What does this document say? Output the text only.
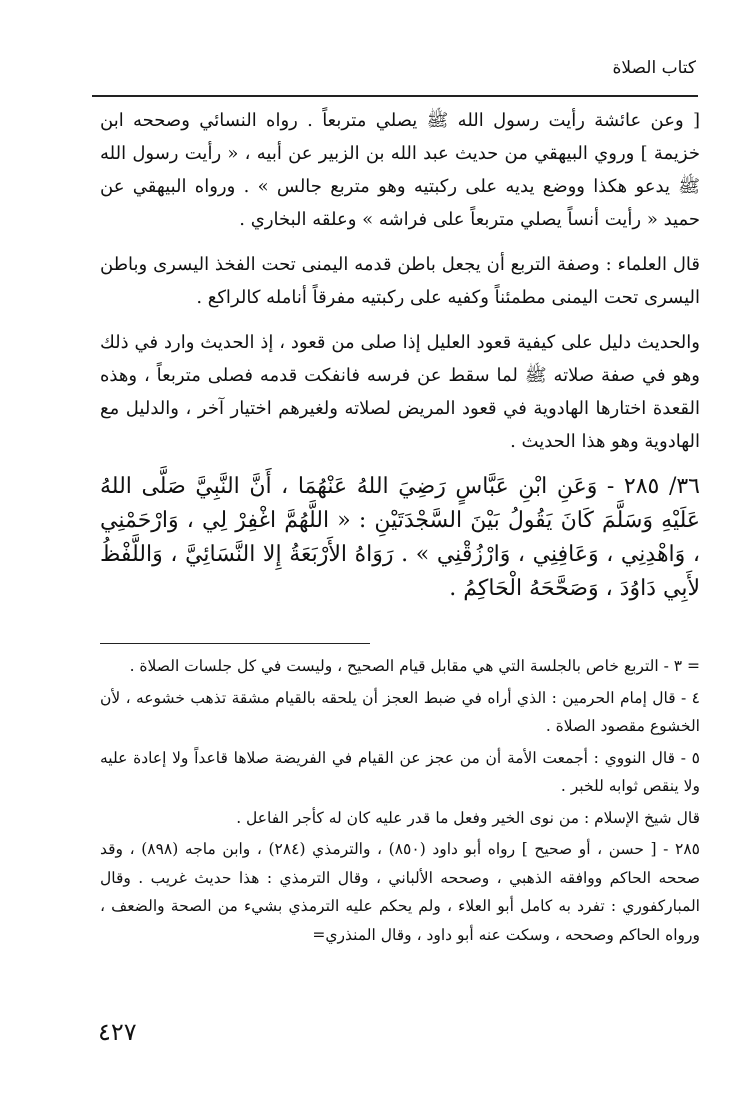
كتاب الصلاة

[ وعن عائشة رأيت رسول الله ﷺ يصلي متربعاً . رواه النسائي وصححه ابن خزيمة ] وروي البيهقي من حديث عبد الله بن الزبير عن أبيه ، « رأيت رسول الله ﷺ يدعو هكذا ووضع يديه على ركبتيه وهو متربع جالس » . ورواه البيهقي عن حميد « رأيت أنساً يصلي متربعاً على فراشه » وعلقه البخاري .

قال العلماء : وصفة التربع أن يجعل باطن قدمه اليمنى تحت الفخذ اليسرى وباطن اليسرى تحت اليمنى مطمئناً وكفيه على ركبتيه مفرقاً أنامله كالراكع .

والحديث دليل على كيفية قعود العليل إذا صلى من قعود ، إذ الحديث وارد في ذلك وهو في صفة صلاته ﷺ لما سقط عن فرسه فانفكت قدمه فصلى متربعاً ، وهذه القعدة اختارها الهادوية في قعود المريض لصلاته ولغيرهم اختيار آخر ، والدليل مع الهادوية وهو هذا الحديث .

٣٦/ ٢٨٥ - وَعَنِ ابْنِ عَبَّاسٍ رَضِيَ اللهُ عَنْهُمَا ، أَنَّ النَّبِيَّ صَلَّى اللهُ عَلَيْهِ وَسَلَّمَ كَانَ يَقُولُ بَيْنَ السَّجْدَتَيْنِ : « اللَّهُمَّ اغْفِرْ لِي ، وَارْحَمْنِي ، وَاهْدِنِي ، وَعَافِنِي ، وَارْزُقْنِي » . رَوَاهُ الأَرْبَعَةُ إِلا النَّسَائِيَّ ، وَاللَّفْظُ لأَبِي دَاوُدَ ، وَصَحَّحَهُ الْحَاكِمُ .

= ٣ - التربع خاص بالجلسة التي هي مقابل قيام الصحيح ، وليست في كل جلسات الصلاة .

٤ - قال إمام الحرمين : الذي أراه في ضبط العجز أن يلحقه بالقيام مشقة تذهب خشوعه ، لأن الخشوع مقصود الصلاة .

٥ - قال النووي : أجمعت الأمة أن من عجز عن القيام في الفريضة صلاها قاعداً ولا إعادة عليه ولا ينقص ثوابه للخبر .

قال شيخ الإسلام : من نوى الخير وفعل ما قدر عليه كان له كأجر الفاعل .

٢٨٥ - [ حسن ، أو صحيح ] رواه أبو داود (٨٥٠) ، والترمذي (٢٨٤) ، وابن ماجه (٨٩٨) ، وقد صححه الحاكم ووافقه الذهبي ، وصححه الألباني ، وقال الترمذي : هذا حديث غريب . وقال المباركفوري : تفرد به كامل أبو العلاء ، ولم يحكم عليه الترمذي بشيء من الصحة والضعف ، ورواه الحاكم وصححه ، وسكت عنه أبو داود ، وقال المنذري=

٤٢٧
